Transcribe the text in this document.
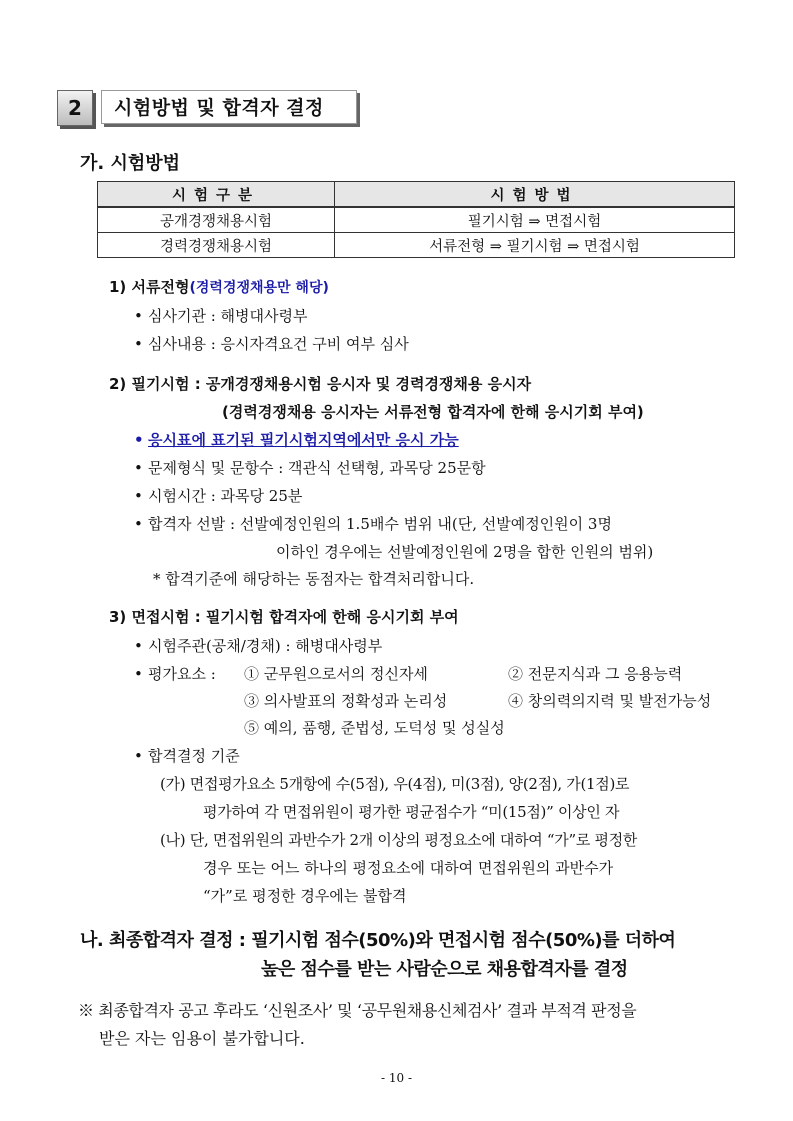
2	시험방법 및 합격자 결정
가. 시험방법
시험구분	시험방법
공개경쟁채용시험	필기시험 ⇒ 면접시험
경력경쟁채용시험	서류전형 ⇒ 필기시험 ⇒ 면접시험
1) 서류전형(경력경쟁채용만 해당)
• 심사기관 : 해병대사령부
• 심사내용 : 응시자격요건 구비 여부 심사
2) 필기시험 : 공개경쟁채용시험 응시자 및 경력경쟁채용 응시자
(경력경쟁채용 응시자는 서류전형 합격자에 한해 응시기회 부여)
• 응시표에 표기된 필기시험지역에서만 응시 가능
• 문제형식 및 문항수 : 객관식 선택형, 과목당 25문항
• 시험시간 : 과목당 25분
• 합격자 선발 : 선발예정인원의 1.5배수 범위 내(단, 선발예정인원이 3명
이하인 경우에는 선발예정인원에 2명을 합한 인원의 범위)
* 합격기준에 해당하는 동점자는 합격처리합니다.
3) 면접시험 : 필기시험 합격자에 한해 응시기회 부여
• 시험주관(공채/경채) : 해병대사령부
• 평가요소 : ① 군무원으로서의 정신자세	② 전문지식과 그 응용능력
③ 의사발표의 정확성과 논리성	④ 창의력의지력 및 발전가능성
⑤ 예의, 품행, 준법성, 도덕성 및 성실성
• 합격결정 기준
(가) 면접평가요소 5개항에 수(5점), 우(4점), 미(3점), 양(2점), 가(1점)로
평가하여 각 면접위원이 평가한 평균점수가 “미(15점)” 이상인 자
(나) 단, 면접위원의 과반수가 2개 이상의 평정요소에 대하여 “가”로 평정한
경우 또는 어느 하나의 평정요소에 대하여 면접위원의 과반수가
“가”로 평정한 경우에는 불합격
나. 최종합격자 결정 : 필기시험 점수(50%)와 면접시험 점수(50%)를 더하여
높은 점수를 받는 사람순으로 채용합격자를 결정
※ 최종합격자 공고 후라도 ‘신원조사’ 및 ‘공무원채용신체검사’ 결과 부적격 판정을
받은 자는 임용이 불가합니다.
- 10 -
